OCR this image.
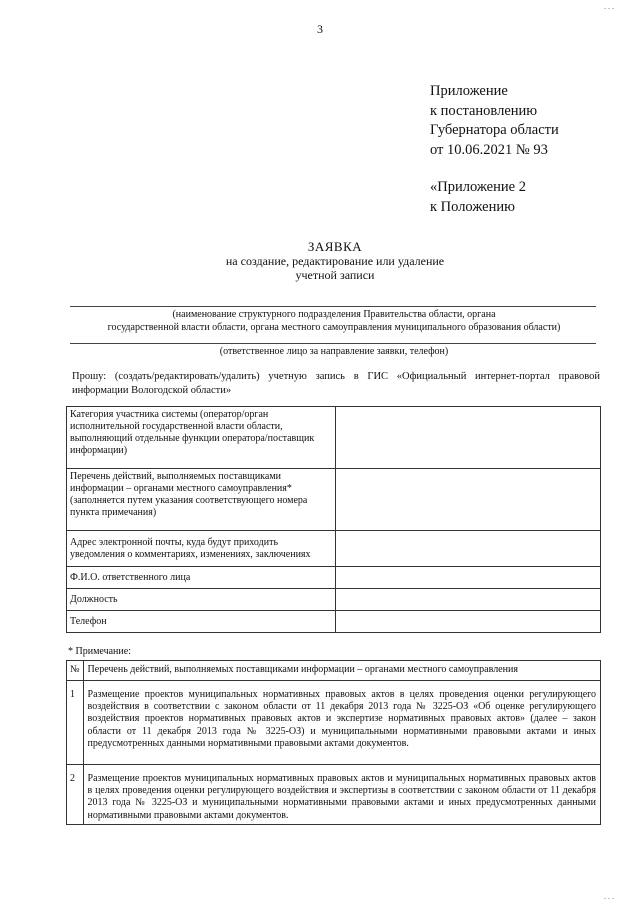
. . .
3
Приложение
к постановлению
Губернатора области
от 10.06.2021 № 93
«Приложение 2
к Положению
ЗАЯВКА
на создание, редактирование или удаление
учетной записи
(наименование структурного подразделения Правительства области, органа
государственной власти области, органа местного самоуправления муниципального образования области)
(ответственное лицо за направление заявки, телефон)
Прошу: (создать/редактировать/удалить) учетную запись в ГИС «Официальный интернет-портал правовой информации Вологодской области»
Категория участника системы (оператор/орган исполнительной государственной власти области, выполняющий отдельные функции оператора/поставщик информации)	
Перечень действий, выполняемых поставщиками информации – органами местного самоуправления* (заполняется путем указания соответствующего номера пункта примечания)	
Адрес электронной почты, куда будут приходить уведомления о комментариях, изменениях, заключениях	
Ф.И.О. ответственного лица	
Должность	
Телефон	
* Примечание:
№	Перечень действий, выполняемых поставщиками информации – органами местного самоуправления
1	Размещение проектов муниципальных нормативных правовых актов в целях проведения оценки регулирующего воздействия в соответствии с законом области от 11 декабря 2013 года № 3225-ОЗ «Об оценке регулирующего воздействия проектов нормативных правовых актов и экспертизе нормативных правовых актов» (далее – закон области от 11 декабря 2013 года № 3225-ОЗ) и муниципальными нормативными правовыми актами и иных предусмотренных данными нормативными правовыми актами документов.
2	Размещение проектов муниципальных нормативных правовых актов и муниципальных нормативных правовых актов в целях проведения оценки регулирующего воздействия и экспертизы в соответствии с законом области от 11 декабря 2013 года № 3225-ОЗ и муниципальными нормативными правовыми актами и иных предусмотренных данными нормативными правовыми актами документов.
. . .
